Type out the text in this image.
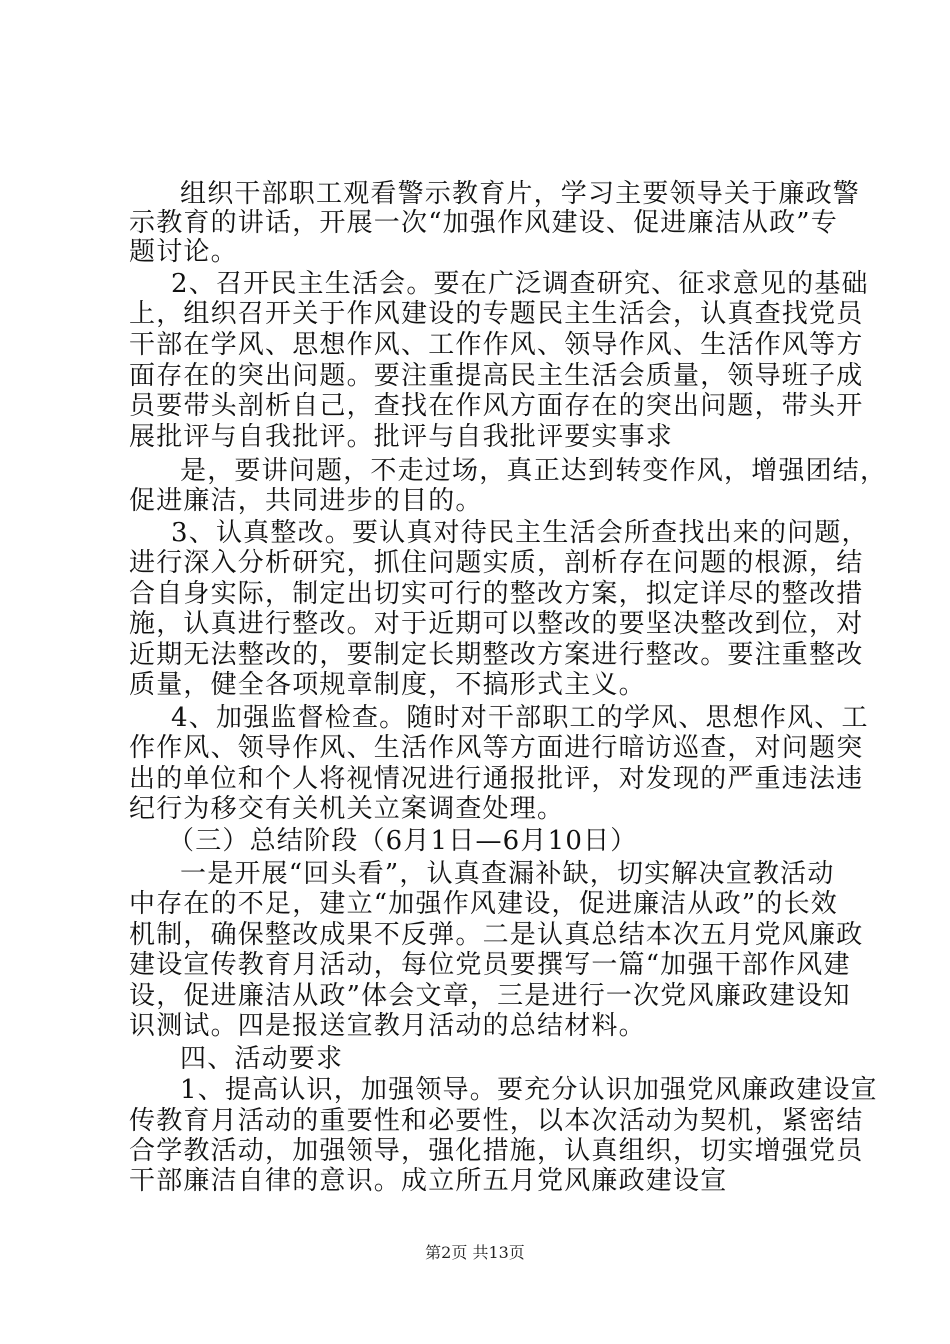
组织干部职工观看警示教育片，学习主要领导关于廉政警
示教育的讲话，开展一次“加强作风建设、促进廉洁从政”专
题讨论。
2、召开民主生活会。要在广泛调查研究、征求意见的基础
上，组织召开关于作风建设的专题民主生活会，认真查找党员
干部在学风、思想作风、工作作风、领导作风、生活作风等方
面存在的突出问题。要注重提高民主生活会质量，领导班子成
员要带头剖析自己，查找在作风方面存在的突出问题，带头开
展批评与自我批评。批评与自我批评要实事求
是，要讲问题，不走过场，真正达到转变作风，增强团结，
促进廉洁，共同进步的目的。
3、认真整改。要认真对待民主生活会所查找出来的问题，
进行深入分析研究，抓住问题实质，剖析存在问题的根源，结
合自身实际，制定出切实可行的整改方案，拟定详尽的整改措
施，认真进行整改。对于近期可以整改的要坚决整改到位，对
近期无法整改的，要制定长期整改方案进行整改。要注重整改
质量，健全各项规章制度，不搞形式主义。
4、加强监督检查。随时对干部职工的学风、思想作风、工
作作风、领导作风、生活作风等方面进行暗访巡查，对问题突
出的单位和个人将视情况进行通报批评，对发现的严重违法违
纪行为移交有关机关立案调查处理。
（三）总结阶段（6月1日—6月10日）
一是开展“回头看”，认真查漏补缺，切实解决宣教活动
中存在的不足，建立“加强作风建设，促进廉洁从政”的长效
机制，确保整改成果不反弹。二是认真总结本次五月党风廉政
建设宣传教育月活动，每位党员要撰写一篇“加强干部作风建
设，促进廉洁从政”体会文章，三是进行一次党风廉政建设知
识测试。四是报送宣教月活动的总结材料。
四、活动要求
1、提高认识，加强领导。要充分认识加强党风廉政建设宣
传教育月活动的重要性和必要性，以本次活动为契机，紧密结
合学教活动，加强领导，强化措施，认真组织，切实增强党员
干部廉洁自律的意识。成立所五月党风廉政建设宣
第2页 共13页
